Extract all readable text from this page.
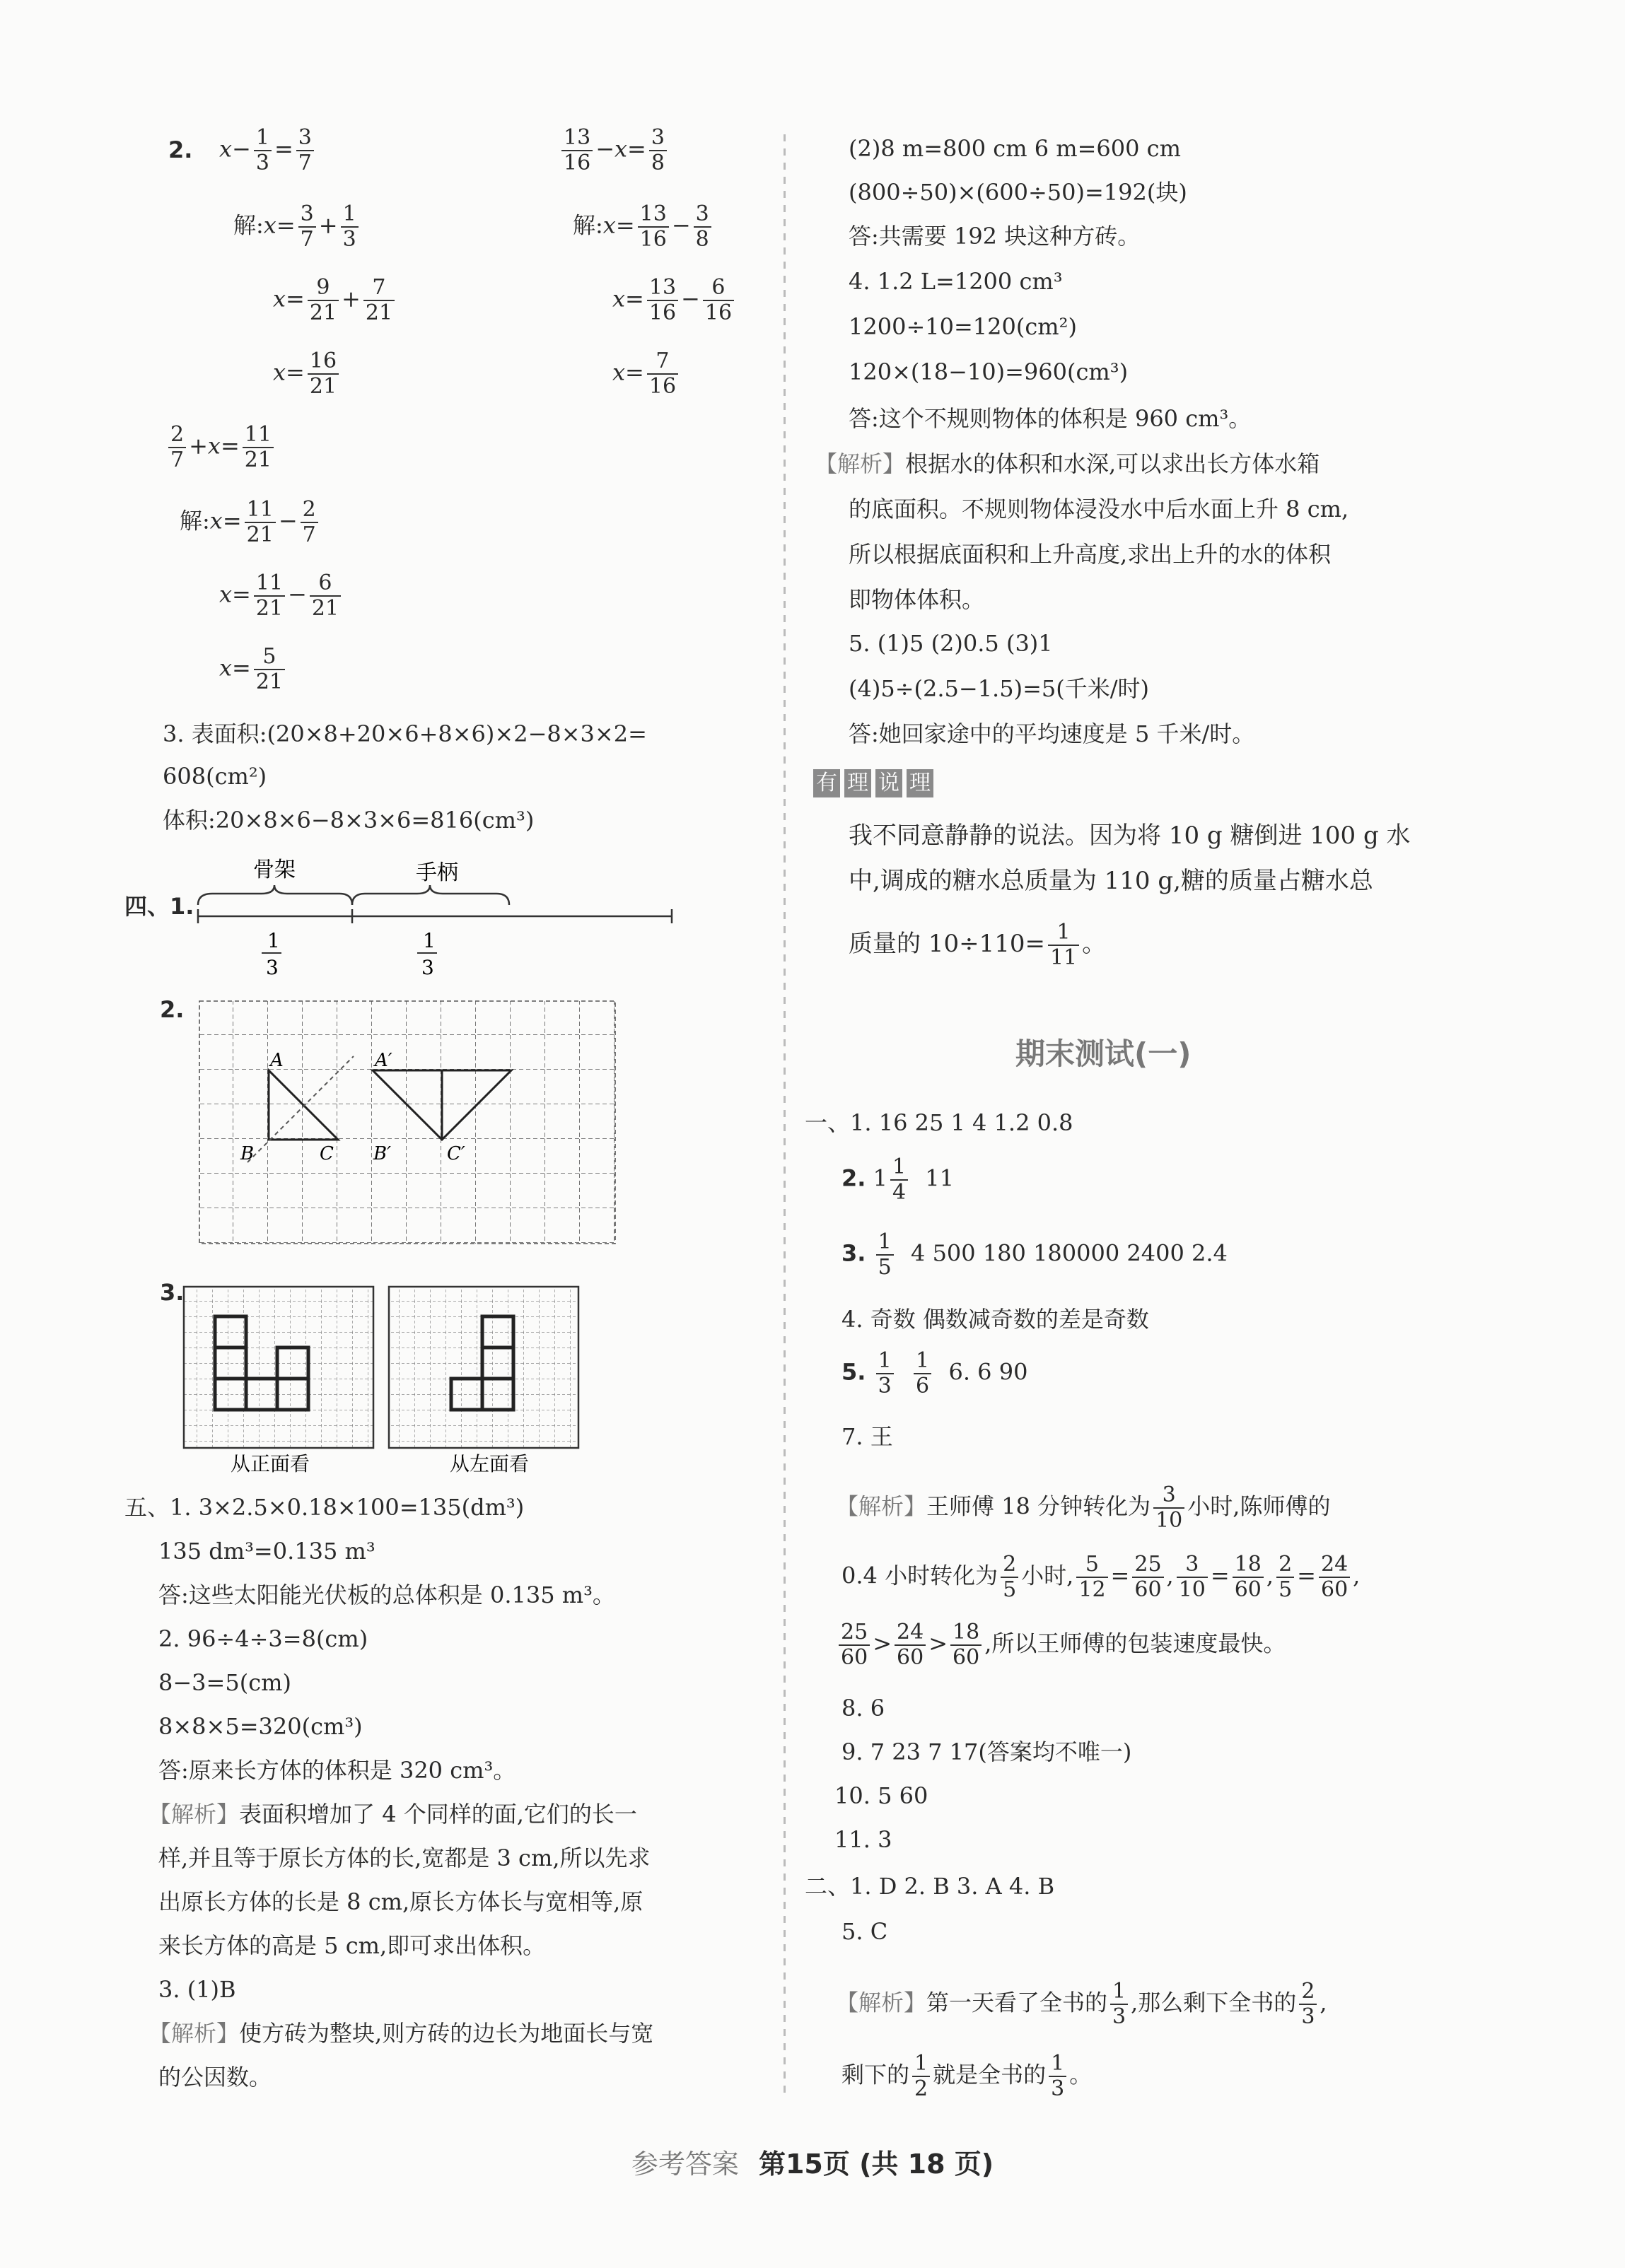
2. $x- \frac{1}{3} = \frac{3}{7}$
解:x= $\frac{3}{7} + \frac{1}{3}$
$x= \frac{9}{21} + \frac{7}{21}$
$x= \frac{16}{21}$
$\frac{13}{16} -x= \frac{3}{8}$
解:x= $\frac{13}{16} - \frac{3}{8}$
$x= \frac{13}{16} - \frac{6}{16}$
$x= \frac{7}{16}$
$\frac{2}{7} +x= \frac{11}{21}$
解:x= $\frac{11}{21} - \frac{2}{7}$
$x= \frac{11}{21} - \frac{6}{21}$
$x= \frac{5}{21}$
3. 表面积:(20×8+20×6+8×6)×2−8×3×2=
608(cm²)
体积:20×8×6−8×3×6=816(cm³)
四、1.
骨架	手柄
1
3
1
3
2.
A	A′
B	B′
C	C′
3.
从正面看	从左面看
五、1. 3×2.5×0.18×100=135(dm³)
135 dm³=0.135 m³
答:这些太阳能光伏板的总体积是 0.135 m³。
2. 96÷4÷3=8(cm)
8−3=5(cm)
8×8×5=320(cm³)
答:原来长方体的体积是 320 cm³。
【解析】表面积增加了 4 个同样的面,它们的长一
样,并且等于原长方体的长,宽都是 3 cm,所以先求
出原长方体的长是 8 cm,原长方体长与宽相等,原
来长方体的高是 5 cm,即可求出体积。
3. (1)B
【解析】使方砖为整块,则方砖的边长为地面长与宽
的公因数。
(2)8 m=800 cm 6 m=600 cm
(800÷50)×(600÷50)=192(块)
答:共需要 192 块这种方砖。
4. 1.2 L=1200 cm³
1200÷10=120(cm²)
120×(18−10)=960(cm³)
答:这个不规则物体的体积是 960 cm³。
【解析】根据水的体积和水深,可以求出长方体水箱
的底面积。不规则物体浸没水中后水面上升 8 cm,
所以根据底面积和上升高度,求出上升的水的体积
即物体体积。
5. (1)5 (2)0.5 (3)1
(4)5÷(2.5−1.5)=5(千米/时)
答:她回家途中的平均速度是 5 千米/时。
有 理 说 理
我不同意静静的说法。因为将 10 g 糖倒进 100 g 水
中,调成的糖水总质量为 110 g,糖的质量占糖水总
质量的 $10\div 110= \frac{1}{11}$ 。
期末测试(一)
一、1. 16 25 1 4 1.2 0.8
2. $1 \frac{1}{4} 11$
3. $\frac{1}{5} 4$ 500 180 180000 2400 2.4
4. 奇数 偶数减奇数的差是奇数
5. $\frac{1}{3}$
$\frac{1}{6} 6$. 6 90
7. 王
【解析】王师傅 18 分钟转化为 $\frac{3}{10}$ 小时,陈师傅的
0.4 小时转化为 $\frac{2}{5}$ 小时, $\frac{5}{12} = \frac{25}{60}$ , $\frac{3}{10} = \frac{18}{60}$ , $\frac{2}{5} = \frac{24}{60}$ ,
$\frac{25}{60} > \frac{24}{60} > \frac{18}{60}$ ,所以王师傅的包装速度最快。
8. 6
9. 7 23 7 17(答案均不唯一)
10. 5 60
11. 3
二、1. D 2. B 3. A 4. B
5. C
【解析】第一天看了全书的 $\frac{1}{3}$ ,那么剩下全书的 $\frac{2}{3}$ ,
剩下的 $\frac{1}{2}$ 就是全书的 $\frac{1}{3}$ 。
参考答案 第15页 (共 18 页)
